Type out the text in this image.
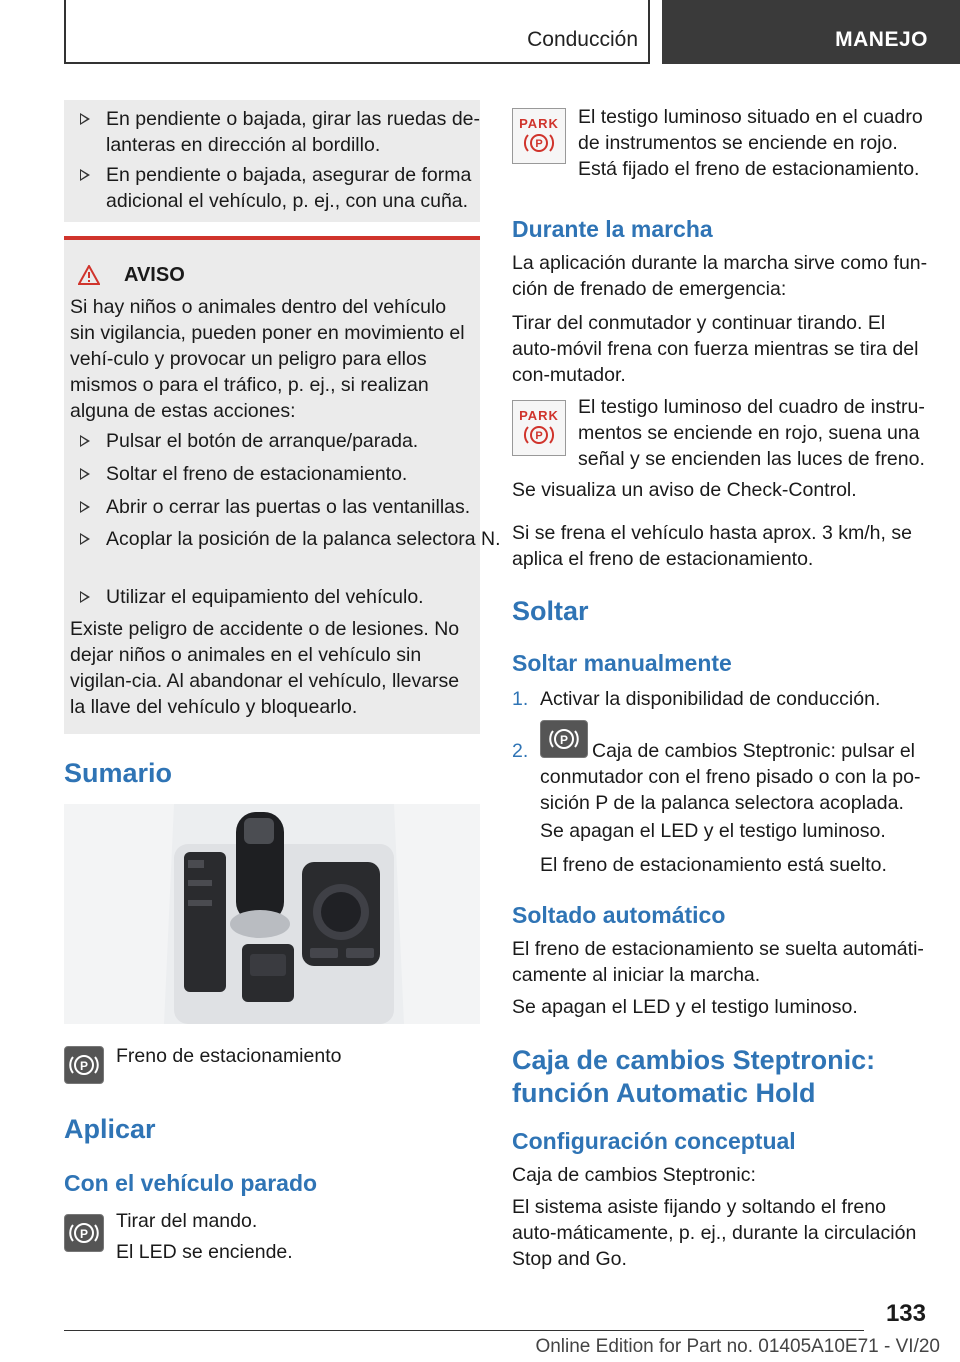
Conducción	MANEJO
En pendiente o bajada, girar las ruedas de-lanteras en dirección al bordillo.
En pendiente o bajada, asegurar de forma adicional el vehículo, p. ej., con una cuña.
AVISO
Si hay niños o animales dentro del vehículo sin vigilancia, pueden poner en movimiento el vehí-culo y provocar un peligro para ellos mismos o para el tráfico, p. ej., si realizan alguna de estas acciones:
Pulsar el botón de arranque/parada.
Soltar el freno de estacionamiento.
Abrir o cerrar las puertas o las ventanillas.
Acoplar la posición de la palanca selectora N.
Utilizar el equipamiento del vehículo.
Existe peligro de accidente o de lesiones. No dejar niños o animales en el vehículo sin vigilan-cia. Al abandonar el vehículo, llevarse la llave del vehículo y bloquearlo.
Sumario
P Freno de estacionamiento
Aplicar
Con el vehículo parado
P
Tirar del mando.
El LED se enciende.
PARK
P
El testigo luminoso situado en el cuadro de instrumentos se enciende en rojo. Está fijado el freno de estacionamiento.
Durante la marcha
La aplicación durante la marcha sirve como fun-ción de frenado de emergencia:
Tirar del conmutador y continuar tirando. El auto-móvil frena con fuerza mientras se tira del con-mutador.
PARK
P
El testigo luminoso del cuadro de instru-mentos se enciende en rojo, suena una señal y se encienden las luces de freno.
Se visualiza un aviso de Check-Control.
Si se frena el vehículo hasta aprox. 3 km/h, se aplica el freno de estacionamiento.
Soltar
Soltar manualmente
1. Activar la disponibilidad de conducción.
2.	P	Caja de cambios Steptronic: pulsar el conmutador con el freno pisado o con la po-sición P de la palanca selectora acoplada.
Se apagan el LED y el testigo luminoso.
El freno de estacionamiento está suelto.
Soltado automático
El freno de estacionamiento se suelta automáti-camente al iniciar la marcha.
Se apagan el LED y el testigo luminoso.
Caja de cambios Steptronic:
función Automatic Hold
Configuración conceptual
Caja de cambios Steptronic:
El sistema asiste fijando y soltando el freno auto-máticamente, p. ej., durante la circulación Stop and Go.
133
Online Edition for Part no. 01405A10E71 - VI/20
